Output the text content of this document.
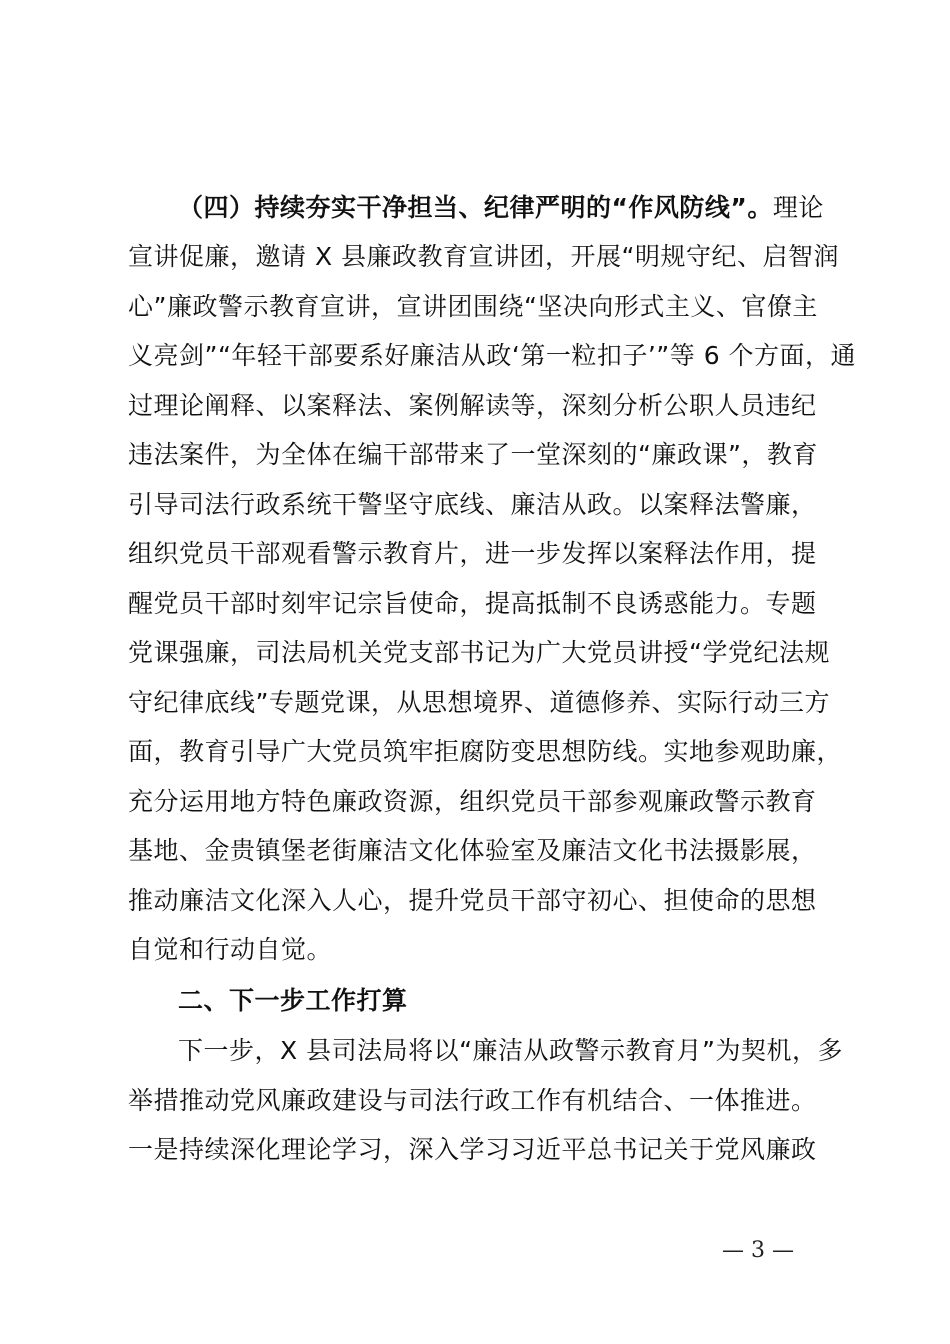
（四）持续夯实干净担当、纪律严明的“作风防线”。理论
宣讲促廉，邀请 X 县廉政教育宣讲团，开展“明规守纪、启智润
心”廉政警示教育宣讲，宣讲团围绕“坚决向形式主义、官僚主
义亮剑”“年轻干部要系好廉洁从政‘第一粒扣子’”等 6 个方面，通
过理论阐释、以案释法、案例解读等，深刻分析公职人员违纪
违法案件，为全体在编干部带来了一堂深刻的“廉政课”，教育
引导司法行政系统干警坚守底线、廉洁从政。以案释法警廉，
组织党员干部观看警示教育片，进一步发挥以案释法作用，提
醒党员干部时刻牢记宗旨使命，提高抵制不良诱惑能力。专题
党课强廉，司法局机关党支部书记为广大党员讲授“学党纪法规
守纪律底线”专题党课，从思想境界、道德修养、实际行动三方
面，教育引导广大党员筑牢拒腐防变思想防线。实地参观助廉，
充分运用地方特色廉政资源，组织党员干部参观廉政警示教育
基地、金贵镇堡老街廉洁文化体验室及廉洁文化书法摄影展，
推动廉洁文化深入人心，提升党员干部守初心、担使命的思想
自觉和行动自觉。
二、下一步工作打算
下一步，X 县司法局将以“廉洁从政警示教育月”为契机，多
举措推动党风廉政建设与司法行政工作有机结合、一体推进。
一是持续深化理论学习，深入学习习近平总书记关于党风廉政
— 3 —
